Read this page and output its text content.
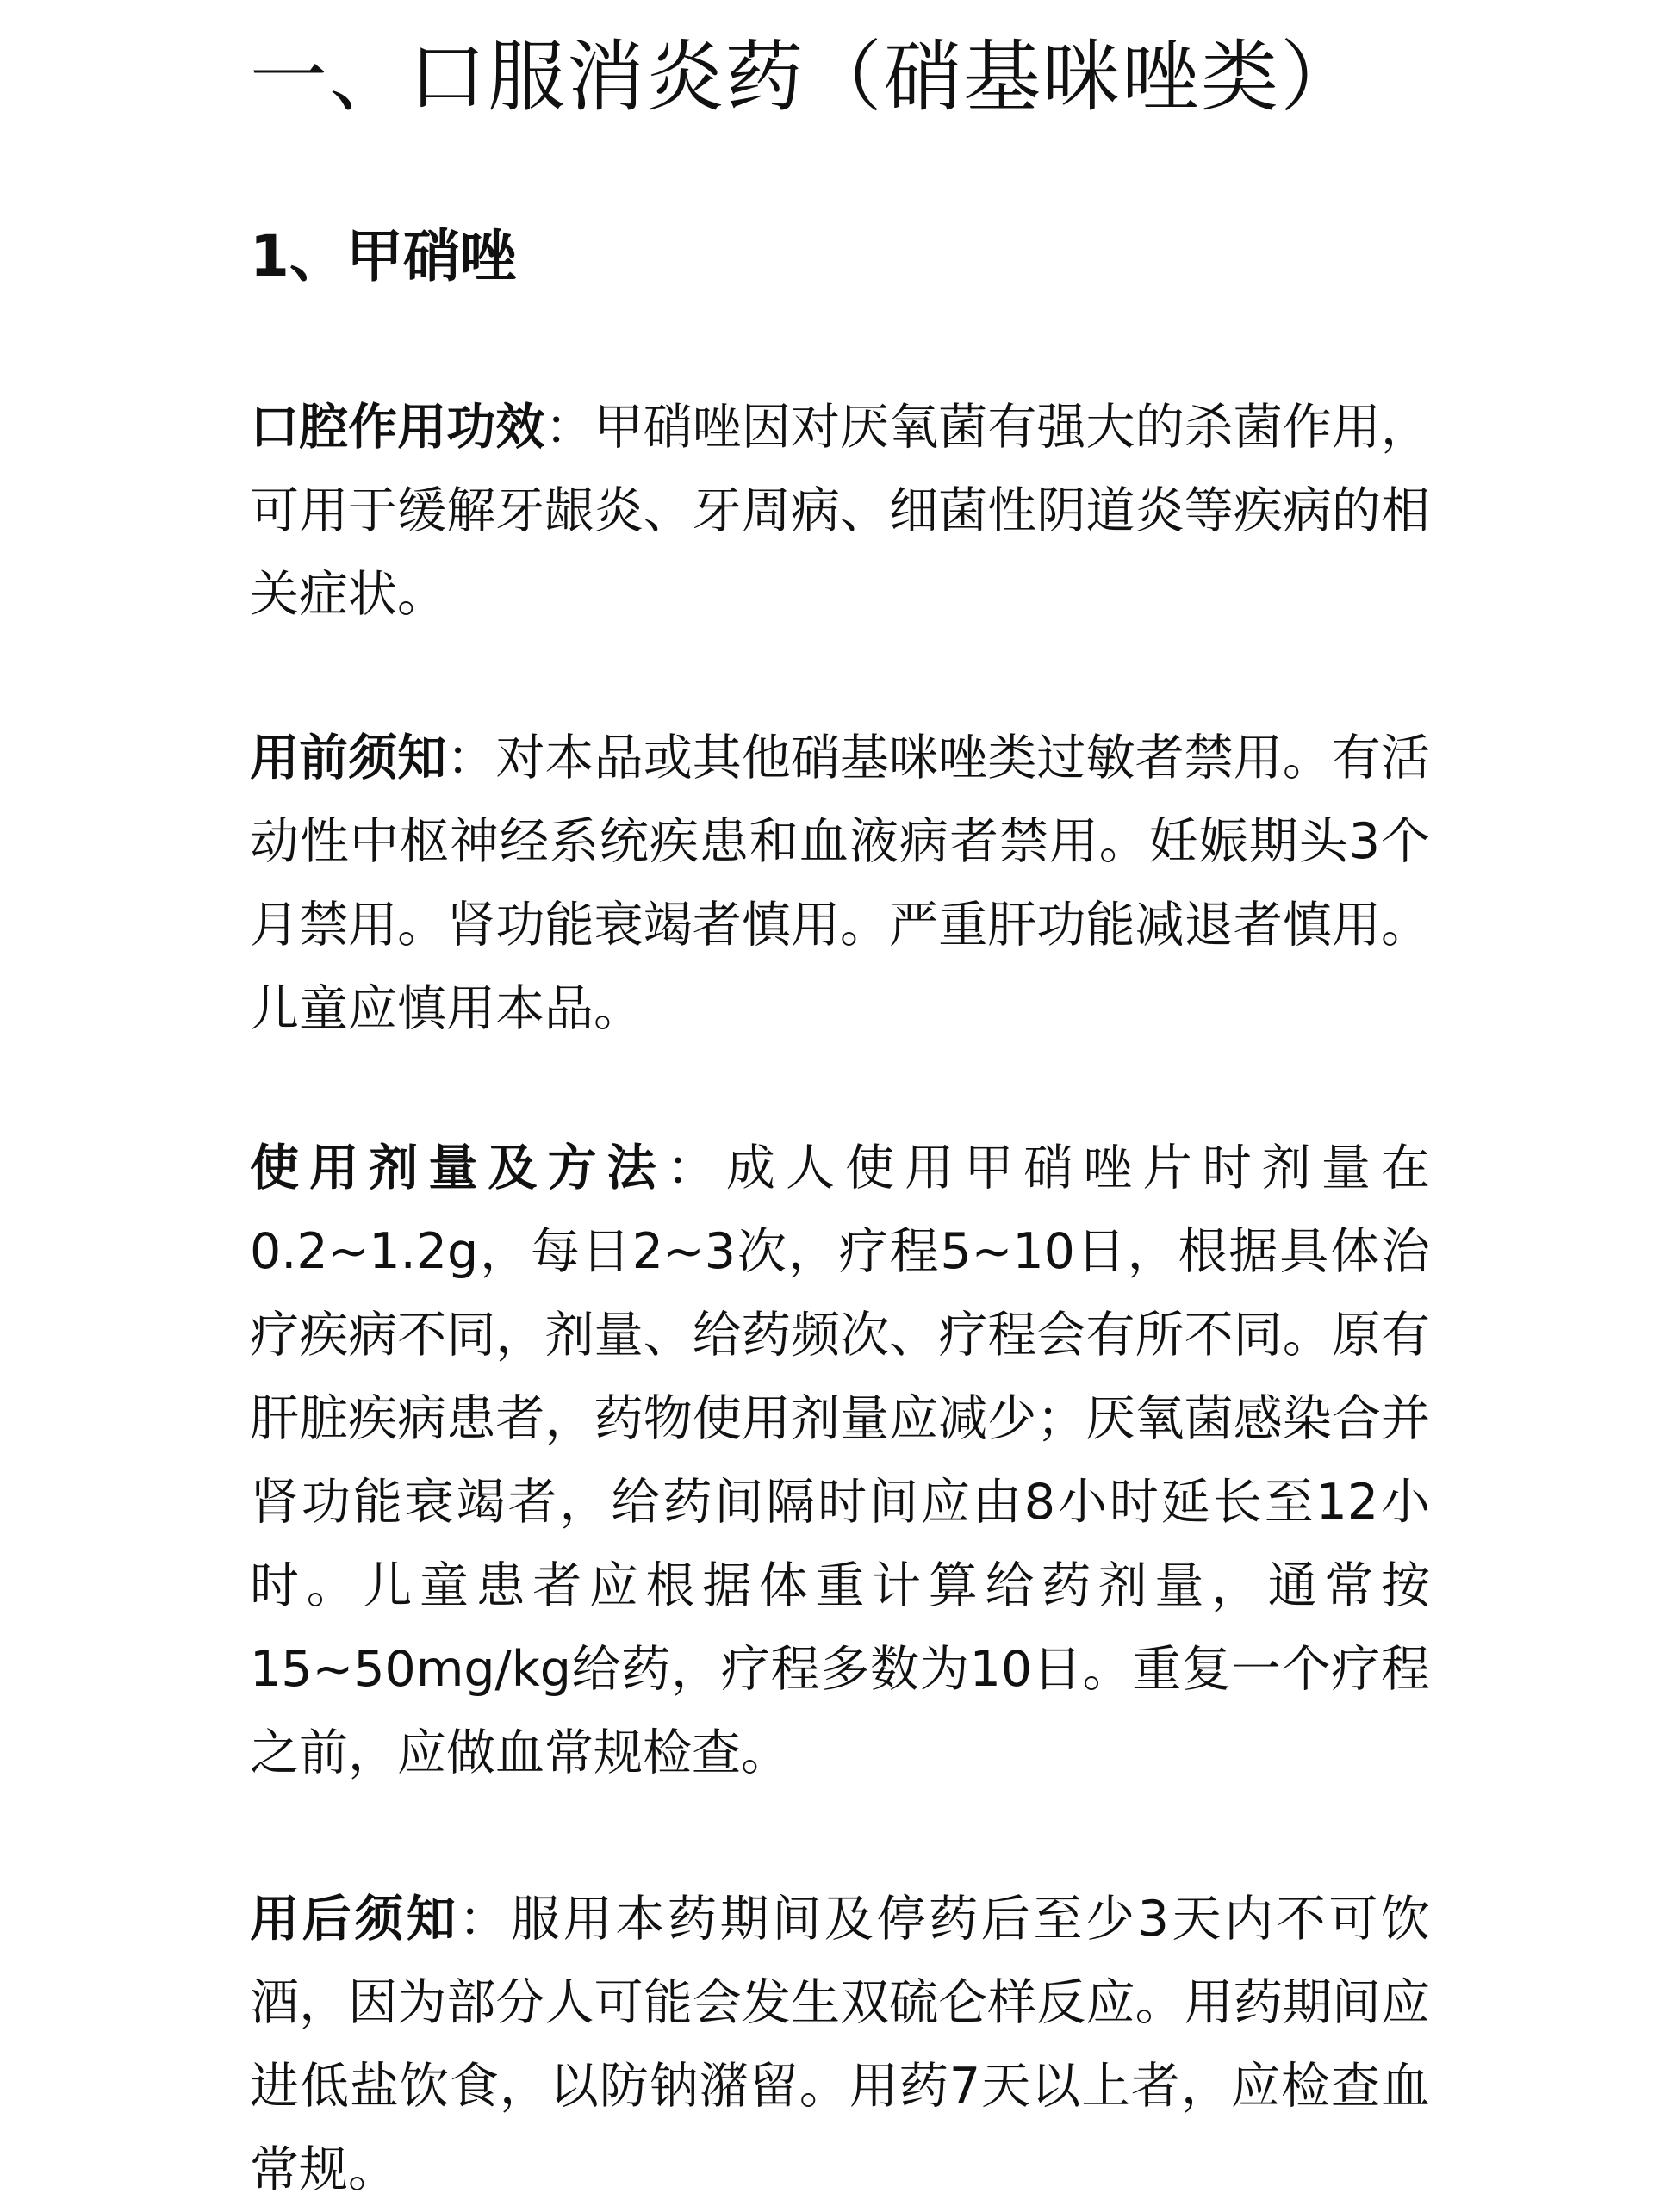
一、口服消炎药（硝基咪唑类）
1、甲硝唑
口腔作用功效：甲硝唑因对厌氧菌有强大的杀菌作用，可用于缓解牙龈炎、牙周病、细菌性阴道炎等疾病的相关症状。
用前须知：对本品或其他硝基咪唑类过敏者禁用。有活动性中枢神经系统疾患和血液病者禁用。妊娠期头3个月禁用。肾功能衰竭者慎用。严重肝功能减退者慎用。儿童应慎用本品。
使用剂量及方法：成人使用甲硝唑片时剂量在0.2~1.2g，每日2~3次，疗程5~10日，根据具体治疗疾病不同，剂量、给药频次、疗程会有所不同。原有肝脏疾病患者，药物使用剂量应减少；厌氧菌感染合并肾功能衰竭者，给药间隔时间应由8小时延长至12小时。儿童患者应根据体重计算给药剂量，通常按15~50mg/kg给药，疗程多数为10日。重复一个疗程之前，应做血常规检查。
用后须知：服用本药期间及停药后至少3天内不可饮酒，因为部分人可能会发生双硫仑样反应。用药期间应进低盐饮食，以防钠潴留。用药7天以上者，应检查血常规。
